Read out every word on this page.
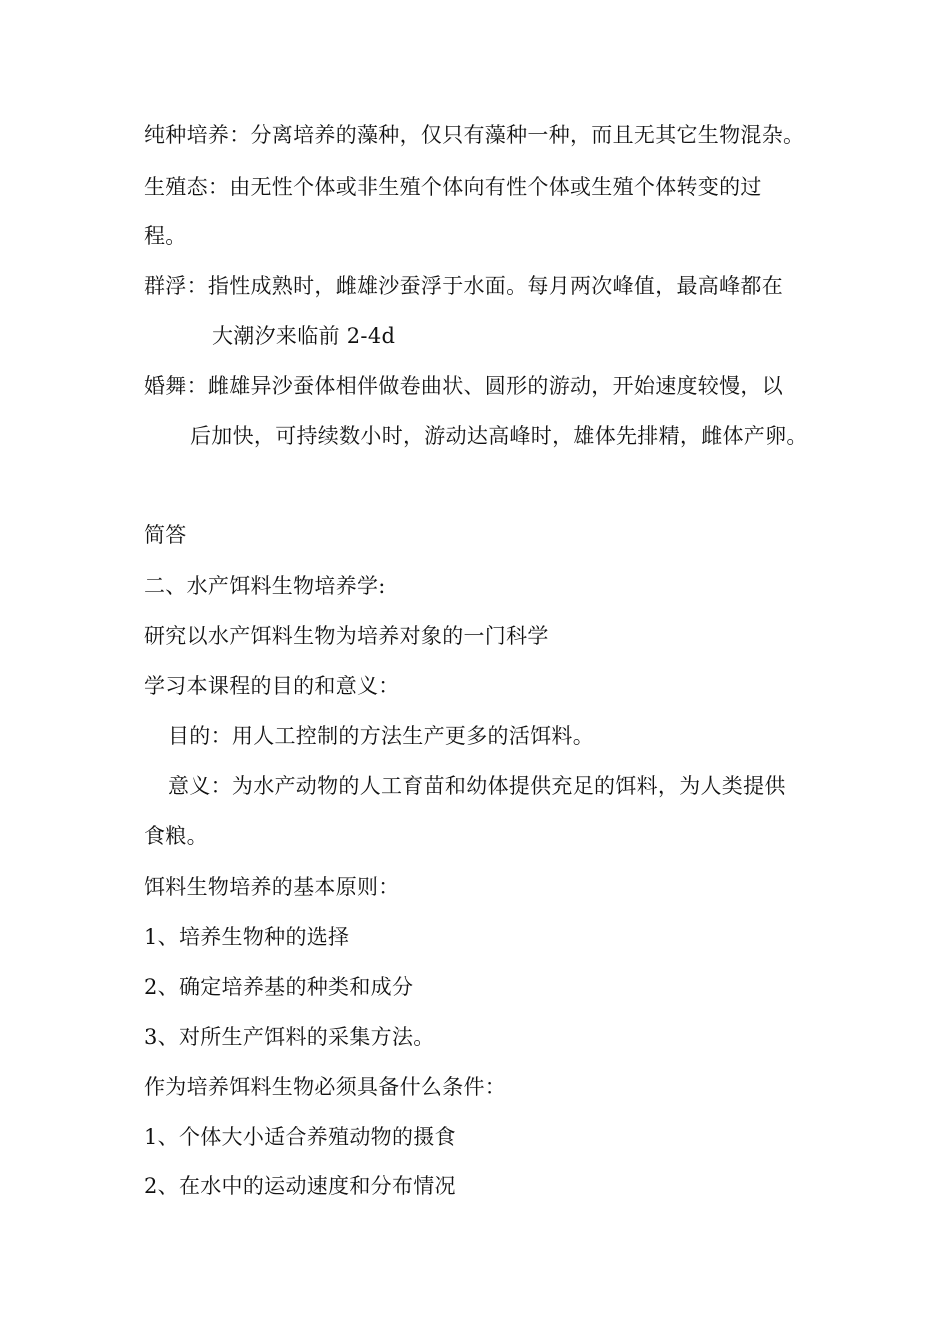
纯种培养：分离培养的藻种，仅只有藻种一种，而且无其它生物混杂。
生殖态：由无性个体或非生殖个体向有性个体或生殖个体转变的过
程。
群浮：指性成熟时，雌雄沙蚕浮于水面。每月两次峰值，最高峰都在
大潮汐来临前 2-4d
婚舞：雌雄异沙蚕体相伴做卷曲状、圆形的游动，开始速度较慢，以
后加快，可持续数小时，游动达高峰时，雄体先排精，雌体产卵。
简答
二、水产饵料生物培养学:
研究以水产饵料生物为培养对象的一门科学
学习本课程的目的和意义：
目的：用人工控制的方法生产更多的活饵料。
意义：为水产动物的人工育苗和幼体提供充足的饵料，为人类提供
食粮。
饵料生物培养的基本原则：
1、培养生物种的选择
2、确定培养基的种类和成分
3、对所生产饵料的采集方法。
作为培养饵料生物必须具备什么条件：
1、个体大小适合养殖动物的摄食
2、在水中的运动速度和分布情况
